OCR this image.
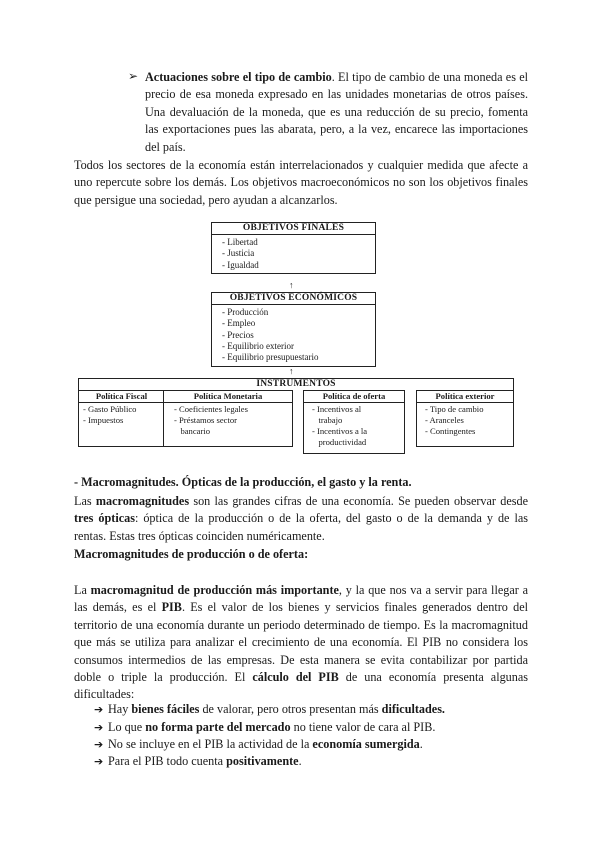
➢ Actuaciones sobre el tipo de cambio. El tipo de cambio de una moneda es el precio de esa moneda expresado en las unidades monetarias de otros países. Una devaluación de la moneda, que es una reducción de su precio, fomenta las exportaciones pues las abarata, pero, a la vez, encarece las importaciones del país.
Todos los sectores de la economía están interrelacionados y cualquier medida que afecte a uno repercute sobre los demás. Los objetivos macroeconómicos no son los objetivos finales que persigue una sociedad, pero ayudan a alcanzarlos.
OBJETIVOS FINALES
- Libertad
- Justicia
- Igualdad
↑
OBJETIVOS ECONÓMICOS
- Producción
- Empleo
- Precios
- Equilibrio exterior
- Equilibrio presupuestario
↑
INSTRUMENTOS
Política Fiscal
- Gasto Público
- Impuestos
Política Monetaria
- Coeficientes legales
- Préstamos sector
bancario
Política de oferta
- Incentivos al
trabajo
- Incentivos a la
productividad
Política exterior
- Tipo de cambio
- Aranceles
- Contingentes
- Macromagnitudes. Ópticas de la producción, el gasto y la renta.
Las macromagnitudes son las grandes cifras de una economía. Se pueden observar desde tres ópticas: óptica de la producción o de la oferta, del gasto o de la demanda y de las rentas. Estas tres ópticas coinciden numéricamente.
Macromagnitudes de producción o de oferta:
La macromagnitud de producción más importante, y la que nos va a servir para llegar a las demás, es el PIB. Es el valor de los bienes y servicios finales generados dentro del territorio de una economía durante un periodo determinado de tiempo. Es la macromagnitud que más se utiliza para analizar el crecimiento de una economía. El PIB no considera los consumos intermedios de las empresas. De esta manera se evita contabilizar por partida doble o triple la producción. El cálculo del PIB de una economía presenta algunas dificultades:
➔ Hay bienes fáciles de valorar, pero otros presentan más dificultades.
➔ Lo que no forma parte del mercado no tiene valor de cara al PIB.
➔ No se incluye en el PIB la actividad de la economía sumergida.
➔ Para el PIB todo cuenta positivamente.
